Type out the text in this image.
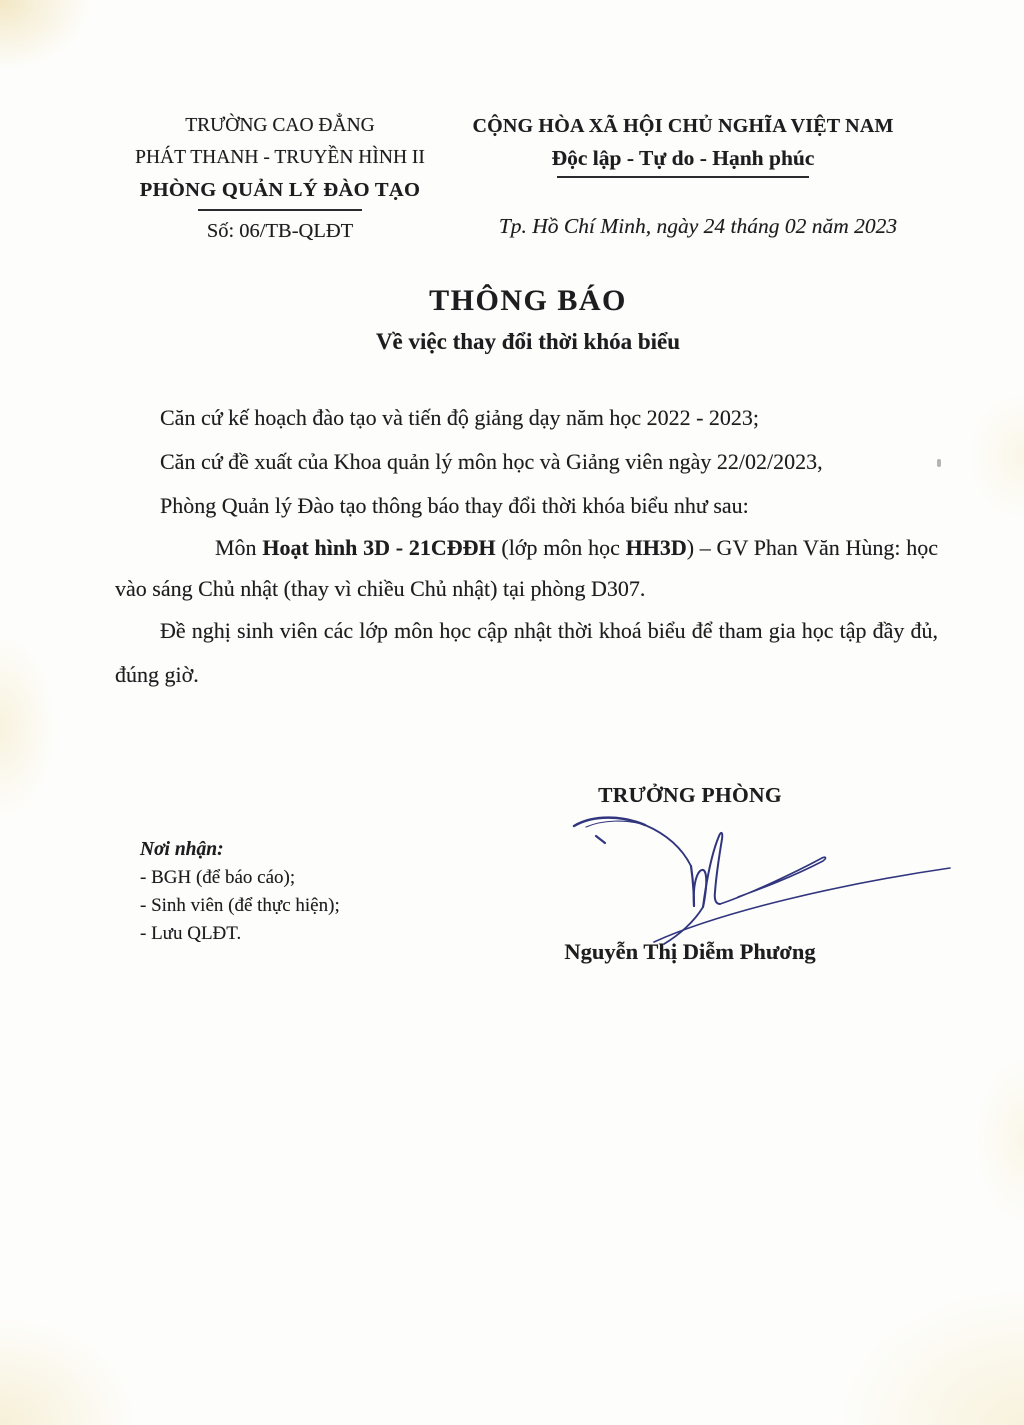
TRƯỜNG CAO ĐẲNG
PHÁT THANH - TRUYỀN HÌNH II
PHÒNG QUẢN LÝ ĐÀO TẠO
Số: 06/TB-QLĐT
CỘNG HÒA XÃ HỘI CHỦ NGHĨA VIỆT NAM
Độc lập - Tự do - Hạnh phúc
Tp. Hồ Chí Minh, ngày 24 tháng 02 năm 2023
THÔNG BÁO
Về việc thay đổi thời khóa biểu

Căn cứ kế hoạch đào tạo và tiến độ giảng dạy năm học 2022 - 2023;

Căn cứ đề xuất của Khoa quản lý môn học và Giảng viên ngày 22/02/2023,

Phòng Quản lý Đào tạo thông báo thay đổi thời khóa biểu như sau:

Môn Hoạt hình 3D - 21CĐĐH (lớp môn học HH3D) – GV Phan Văn Hùng: học vào sáng Chủ nhật (thay vì chiều Chủ nhật) tại phòng D307.

Đề nghị sinh viên các lớp môn học cập nhật thời khoá biểu để tham gia học tập đầy đủ, đúng giờ.

TRƯỞNG PHÒNG
Nguyễn Thị Diễm Phương
Nơi nhận:
- BGH (để báo cáo);
- Sinh viên (để thực hiện);
- Lưu QLĐT.
